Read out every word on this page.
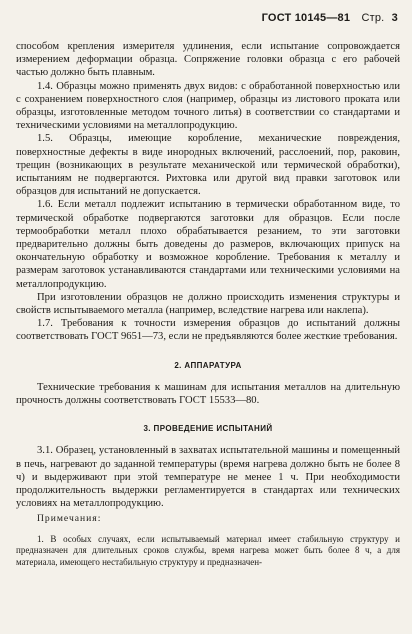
ГОСТ 10145—81 Стр. 3

способом крепления измерителя удлинения, если испытание сопровождается измерением деформации образца. Сопряжение головки образца с его рабочей частью должно быть плавным.

1.4. Образцы можно применять двух видов: с обработанной поверхностью или с сохранением поверхностного слоя (например, образцы из листового проката или образцы, изготовленные методом точного литья) в соответствии со стандартами и техническими условиями на металлопродукцию.

1.5. Образцы, имеющие коробление, механические повреждения, поверхностные дефекты в виде инородных включений, расслоений, пор, раковин, трещин (возникающих в результате механической или термической обработки), испытаниям не подвергаются. Рихтовка или другой вид правки заготовок или образцов для испытаний не допускается.

1.6. Если металл подлежит испытанию в термически обработанном виде, то термической обработке подвергаются заготовки для образцов. Если после термообработки металл плохо обрабатывается резанием, то эти заготовки предварительно должны быть доведены до размеров, включающих припуск на окончательную обработку и возможное коробление. Требования к металлу и размерам заготовок устанавливаются стандартами или техническими условиями на металлопродукцию.

При изготовлении образцов не должно происходить изменения структуры и свойств испытываемого металла (например, вследствие нагрева или наклепа).

1.7. Требования к точности измерения образцов до испытаний должны соответствовать ГОСТ 9651—73, если не предъявляются более жесткие требования.

2. АППАРАТУРА

Технические требования к машинам для испытания металлов на длительную прочность должны соответствовать ГОСТ 15533—80.

3. ПРОВЕДЕНИЕ ИСПЫТАНИЙ

3.1. Образец, установленный в захватах испытательной машины и помещенный в печь, нагревают до заданной температуры (время нагрева должно быть не более 8 ч) и выдерживают при этой температуре не менее 1 ч. При необходимости продолжительность выдержки регламентируется в стандартах или технических условиях на металлопродукцию.

Примечания:

1. В особых случаях, если испытываемый материал имеет стабильную структуру и предназначен для длительных сроков службы, время нагрева может быть более 8 ч, а для материала, имеющего нестабильную структуру и предназначен-
